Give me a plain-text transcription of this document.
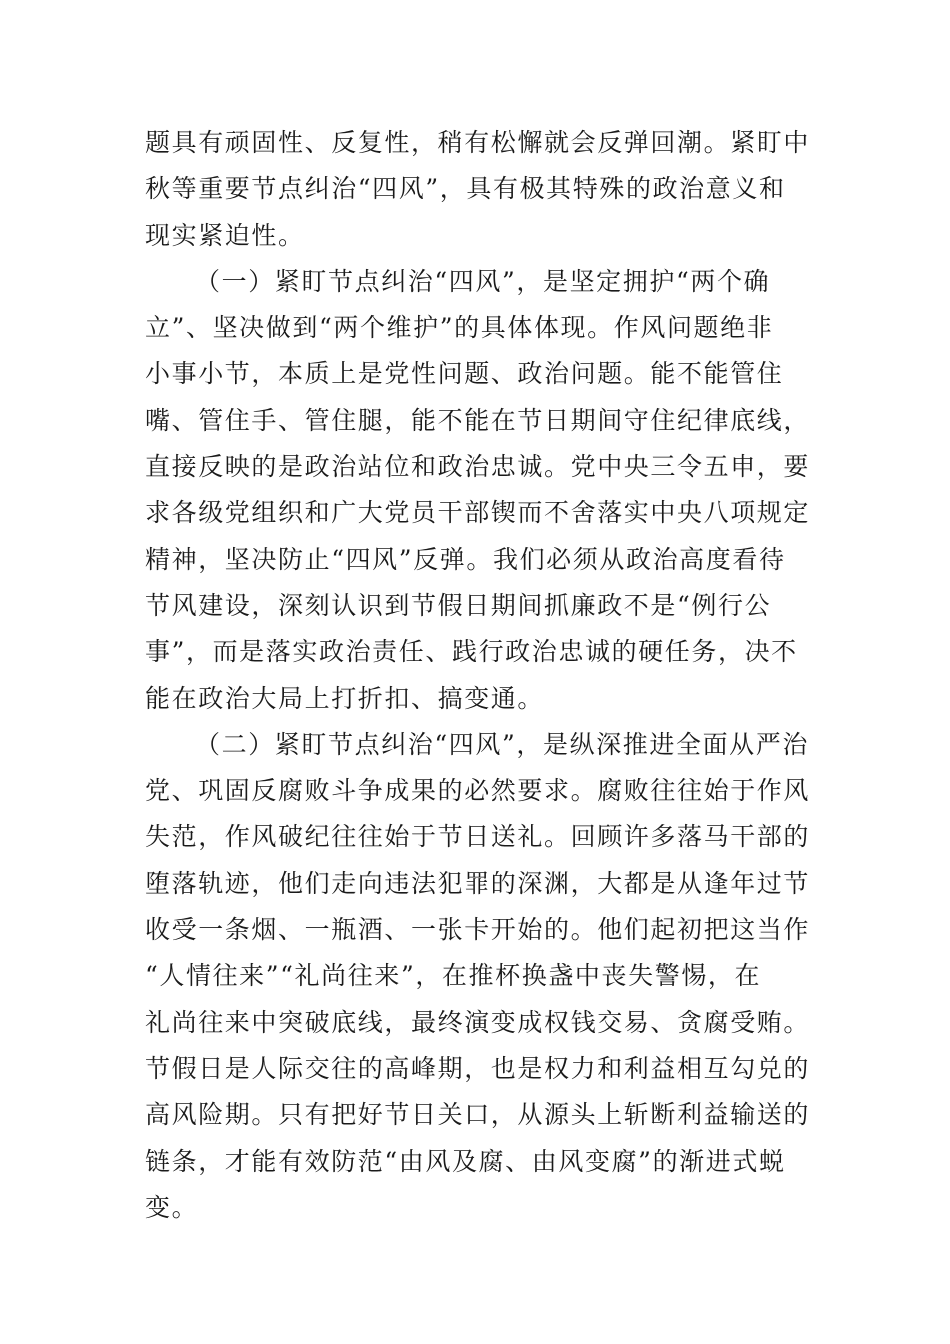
题具有顽固性、反复性，稍有松懈就会反弹回潮。紧盯中
秋等重要节点纠治“四风”，具有极其特殊的政治意义和
现实紧迫性。
（一）紧盯节点纠治“四风”，是坚定拥护“两个确
立”、坚决做到“两个维护”的具体体现。作风问题绝非
小事小节，本质上是党性问题、政治问题。能不能管住
嘴、管住手、管住腿，能不能在节日期间守住纪律底线，
直接反映的是政治站位和政治忠诚。党中央三令五申，要
求各级党组织和广大党员干部锲而不舍落实中央八项规定
精神，坚决防止“四风”反弹。我们必须从政治高度看待
节风建设，深刻认识到节假日期间抓廉政不是“例行公
事”，而是落实政治责任、践行政治忠诚的硬任务，决不
能在政治大局上打折扣、搞变通。
（二）紧盯节点纠治“四风”，是纵深推进全面从严治
党、巩固反腐败斗争成果的必然要求。腐败往往始于作风
失范，作风破纪往往始于节日送礼。回顾许多落马干部的
堕落轨迹，他们走向违法犯罪的深渊，大都是从逢年过节
收受一条烟、一瓶酒、一张卡开始的。他们起初把这当作
“人情往来”“礼尚往来”，在推杯换盏中丧失警惕，在
礼尚往来中突破底线，最终演变成权钱交易、贪腐受贿。
节假日是人际交往的高峰期，也是权力和利益相互勾兑的
高风险期。只有把好节日关口，从源头上斩断利益输送的
链条，才能有效防范“由风及腐、由风变腐”的渐进式蜕
变。
